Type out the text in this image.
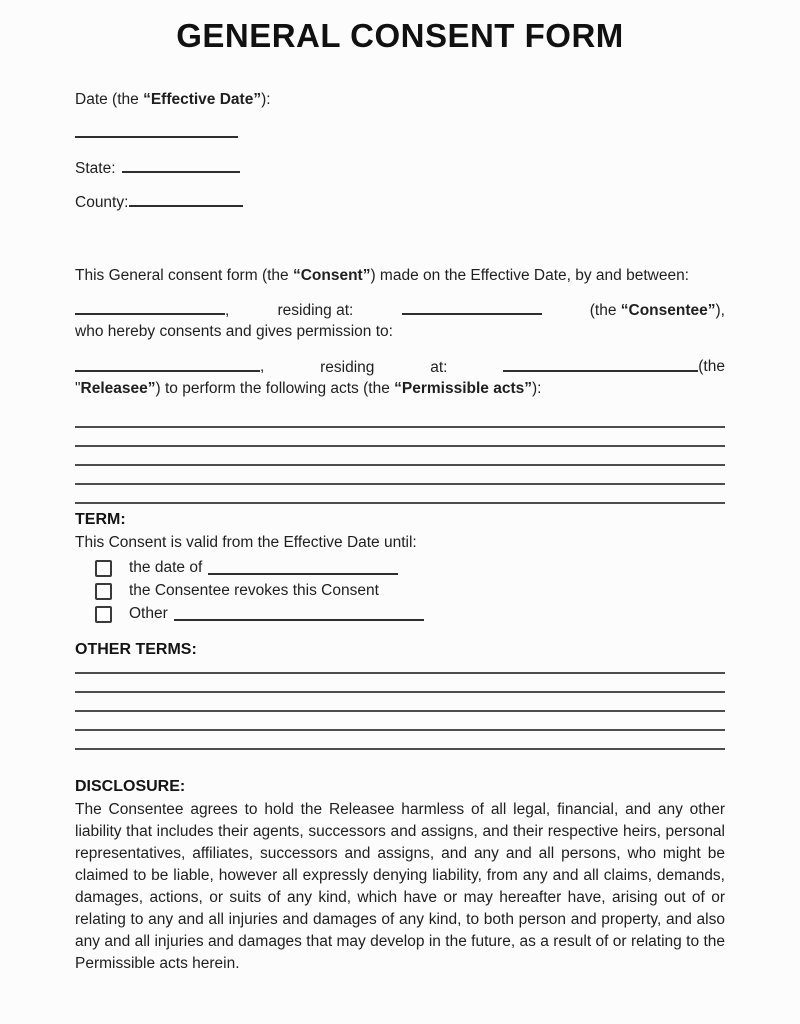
GENERAL CONSENT FORM
Date (the “Effective Date”):
State:
County:

This General consent form (the “Consent”) made on the Effective Date, by and between:

,	residing at:	(the “Consentee”),

who hereby consents and gives permission to:

,	residing	at:	(the

"Releasee”) to perform the following acts (the “Permissible acts”):

TERM:

This Consent is valid from the Effective Date until:

the date of
the Consentee revokes this Consent
Other
OTHER TERMS:
DISCLOSURE:

The Consentee agrees to hold the Releasee harmless of all legal, financial, and any other liability that includes their agents, successors and assigns, and their respective heirs, personal representatives, affiliates, successors and assigns, and any and all persons, who might be claimed to be liable, however all expressly denying liability, from any and all claims, demands, damages, actions, or suits of any kind, which have or may hereafter have, arising out of or relating to any and all injuries and damages of any kind, to both person and property, and also any and all injuries and damages that may develop in the future, as a result of or relating to the Permissible acts herein.
